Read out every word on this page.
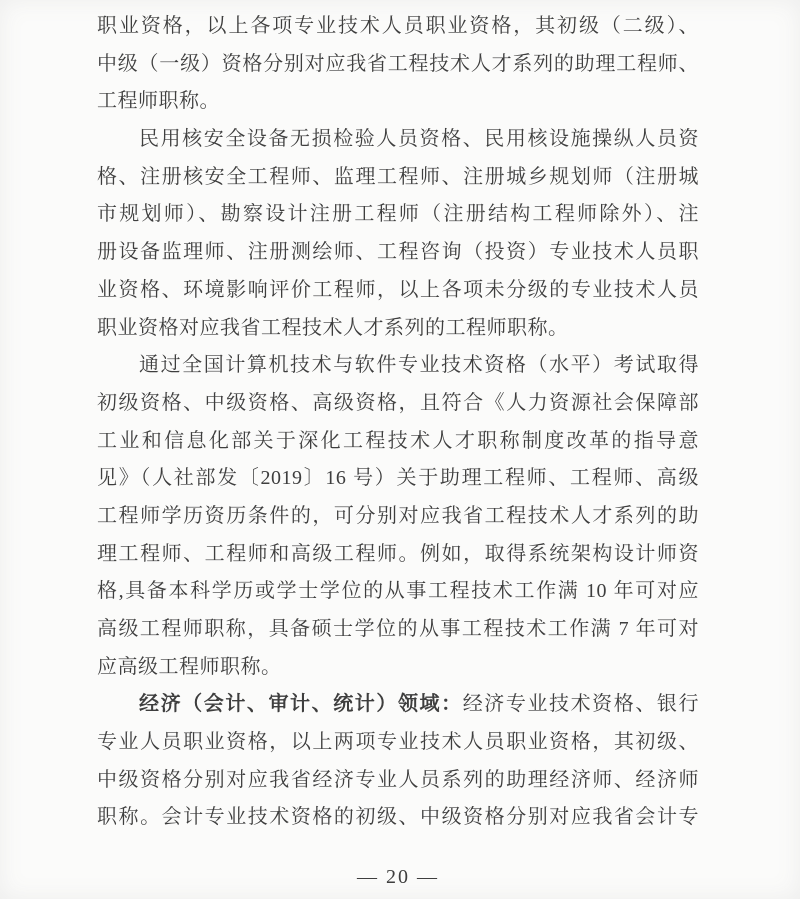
职业资格，以上各项专业技术人员职业资格，其初级（二级）、
中级（一级）资格分别对应我省工程技术人才系列的助理工程师、
工程师职称。
民用核安全设备无损检验人员资格、民用核设施操纵人员资
格、注册核安全工程师、监理工程师、注册城乡规划师（注册城
市规划师）、勘察设计注册工程师（注册结构工程师除外）、注
册设备监理师、注册测绘师、工程咨询（投资）专业技术人员职
业资格、环境影响评价工程师，以上各项未分级的专业技术人员
职业资格对应我省工程技术人才系列的工程师职称。
通过全国计算机技术与软件专业技术资格（水平）考试取得
初级资格、中级资格、高级资格，且符合《人力资源社会保障部
工业和信息化部关于深化工程技术人才职称制度改革的指导意
见》（人社部发〔2019〕16 号）关于助理工程师、工程师、高级
工程师学历资历条件的，可分别对应我省工程技术人才系列的助
理工程师、工程师和高级工程师。例如，取得系统架构设计师资
格,具备本科学历或学士学位的从事工程技术工作满 10 年可对应
高级工程师职称，具备硕士学位的从事工程技术工作满 7 年可对
应高级工程师职称。
经济（会计、审计、统计）领域：经济专业技术资格、银行
专业人员职业资格，以上两项专业技术人员职业资格，其初级、
中级资格分别对应我省经济专业人员系列的助理经济师、经济师
职称。会计专业技术资格的初级、中级资格分别对应我省会计专
— 20 —
